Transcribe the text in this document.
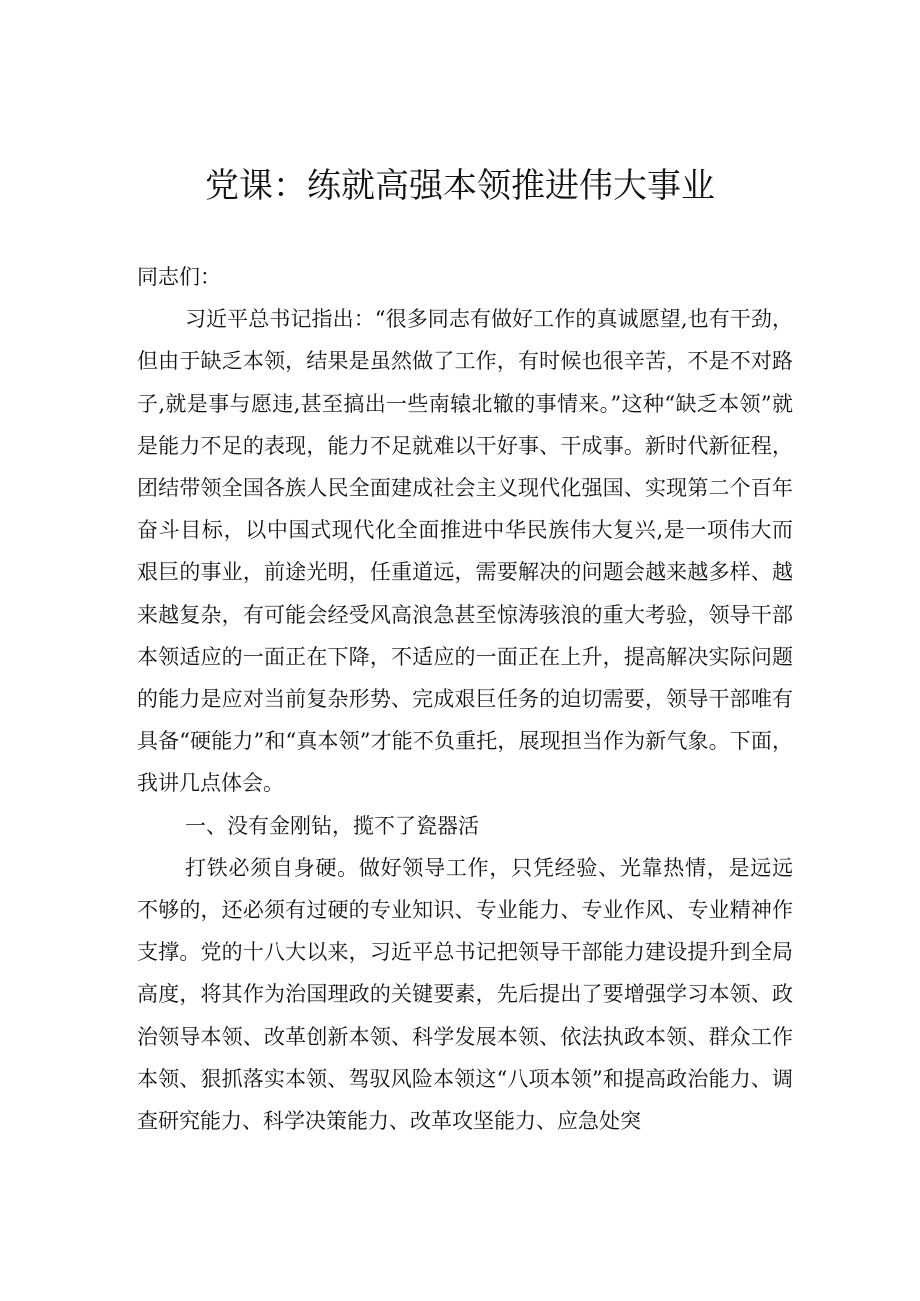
党课：练就高强本领推进伟大事业

同志们：

习近平总书记指出：“很多同志有做好工作的真诚愿望,也有干劲，但由于缺乏本领，结果是虽然做了工作，有时候也很辛苦，不是不对路子,就是事与愿违,甚至搞出一些南辕北辙的事情来。”这种“缺乏本领”就是能力不足的表现，能力不足就难以干好事、干成事。新时代新征程，团结带领全国各族人民全面建成社会主义现代化强国、实现第二个百年奋斗目标，以中国式现代化全面推进中华民族伟大复兴,是一项伟大而艰巨的事业，前途光明，任重道远，需要解决的问题会越来越多样、越来越复杂，有可能会经受风高浪急甚至惊涛骇浪的重大考验，领导干部本领适应的一面正在下降，不适应的一面正在上升，提高解决实际问题的能力是应对当前复杂形势、完成艰巨任务的迫切需要，领导干部唯有具备“硬能力”和“真本领”才能不负重托，展现担当作为新气象。下面，我讲几点体会。

一、没有金刚钻，揽不了瓷器活

打铁必须自身硬。做好领导工作，只凭经验、光靠热情，是远远不够的，还必须有过硬的专业知识、专业能力、专业作风、专业精神作支撑。党的十八大以来，习近平总书记把领导干部能力建设提升到全局高度，将其作为治国理政的关键要素，先后提出了要增强学习本领、政治领导本领、改革创新本领、科学发展本领、依法执政本领、群众工作本领、狠抓落实本领、驾驭风险本领这“八项本领”和提高政治能力、调查研究能力、科学决策能力、改革攻坚能力、应急处突
